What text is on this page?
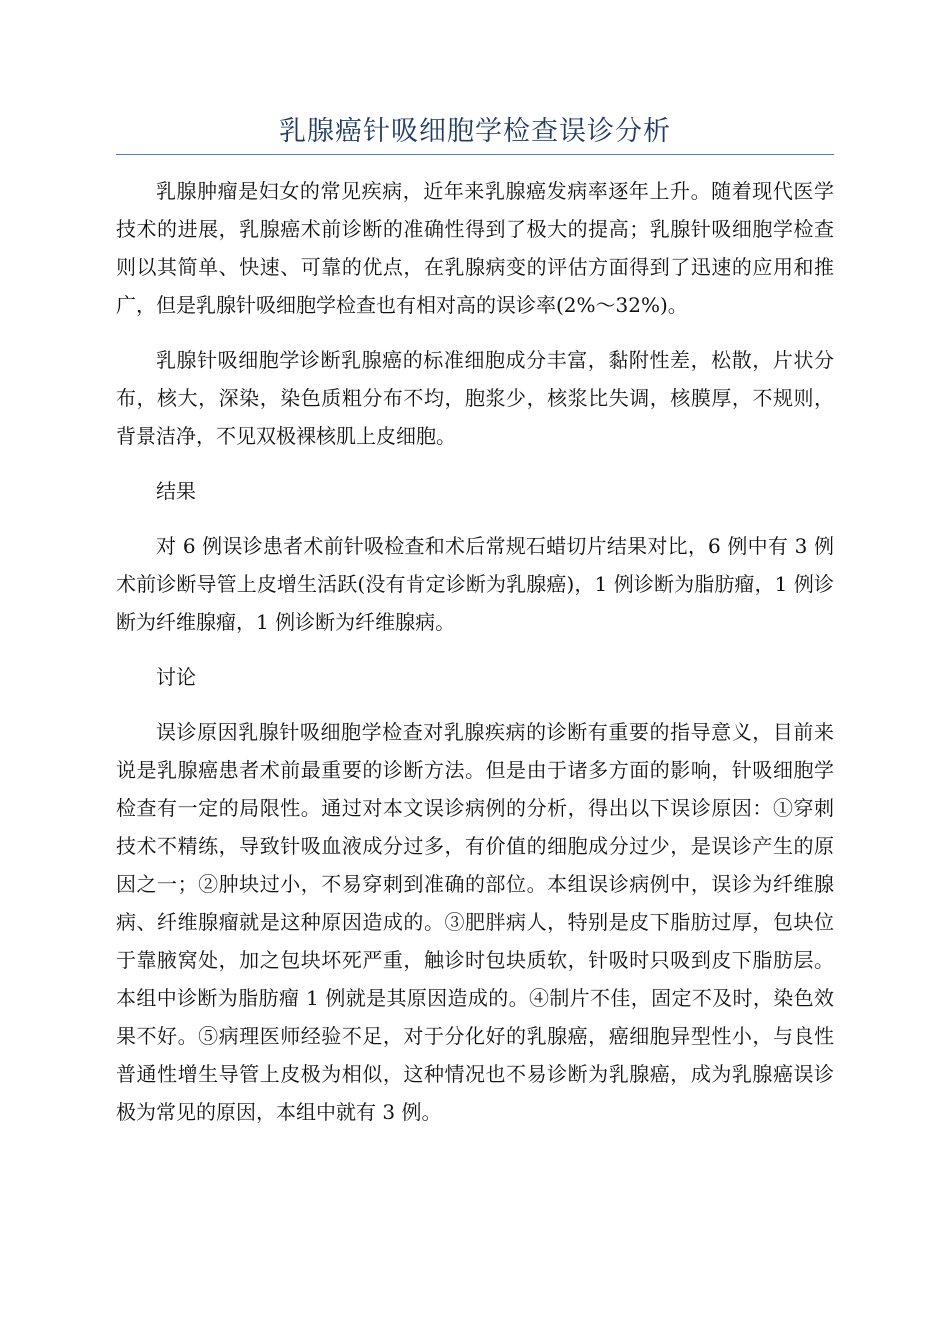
乳腺癌针吸细胞学检查误诊分析

乳腺肿瘤是妇女的常见疾病，近年来乳腺癌发病率逐年上升。随着现代医学技术的进展，乳腺癌术前诊断的准确性得到了极大的提高；乳腺针吸细胞学检查则以其简单、快速、可靠的优点，在乳腺病变的评估方面得到了迅速的应用和推广，但是乳腺针吸细胞学检查也有相对高的误诊率(2%～32%)。

乳腺针吸细胞学诊断乳腺癌的标准细胞成分丰富，黏附性差，松散，片状分布，核大，深染，染色质粗分布不均，胞浆少，核浆比失调，核膜厚，不规则，背景洁净，不见双极裸核肌上皮细胞。

结果

对 6 例误诊患者术前针吸检查和术后常规石蜡切片结果对比，6 例中有 3 例术前诊断导管上皮增生活跃(没有肯定诊断为乳腺癌)，1 例诊断为脂肪瘤，1 例诊断为纤维腺瘤，1 例诊断为纤维腺病。

讨论

误诊原因乳腺针吸细胞学检查对乳腺疾病的诊断有重要的指导意义，目前来说是乳腺癌患者术前最重要的诊断方法。但是由于诸多方面的影响，针吸细胞学检查有一定的局限性。通过对本文误诊病例的分析，得出以下误诊原因：①穿刺技术不精练，导致针吸血液成分过多，有价值的细胞成分过少，是误诊产生的原因之一；②肿块过小，不易穿刺到准确的部位。本组误诊病例中，误诊为纤维腺病、纤维腺瘤就是这种原因造成的。③肥胖病人，特别是皮下脂肪过厚，包块位于靠腋窝处，加之包块坏死严重，触诊时包块质软，针吸时只吸到皮下脂肪层。本组中诊断为脂肪瘤 1 例就是其原因造成的。④制片不佳，固定不及时，染色效果不好。⑤病理医师经验不足，对于分化好的乳腺癌，癌细胞异型性小，与良性普通性增生导管上皮极为相似，这种情况也不易诊断为乳腺癌，成为乳腺癌误诊极为常见的原因，本组中就有 3 例。
